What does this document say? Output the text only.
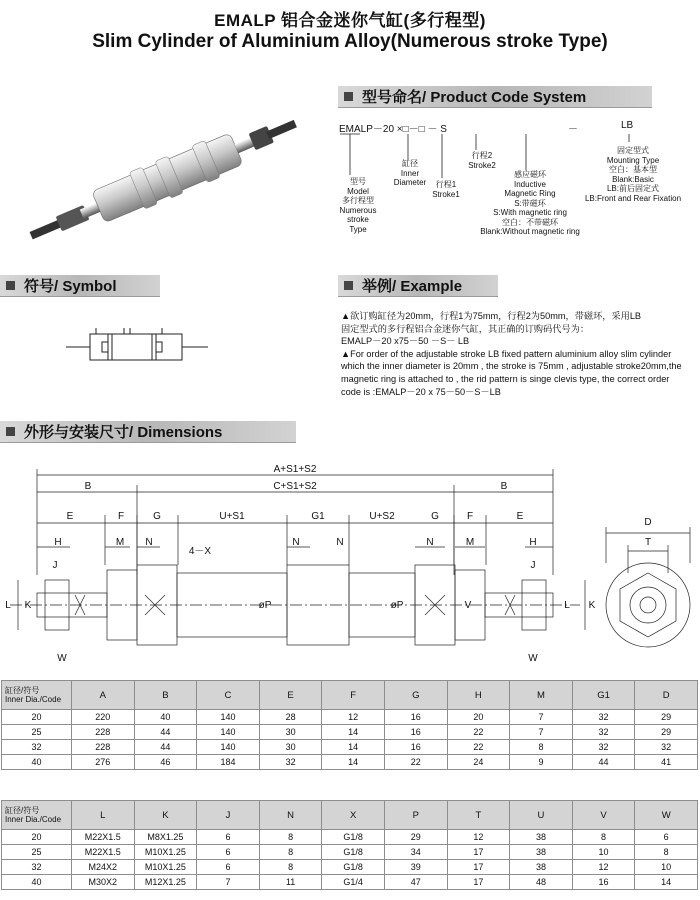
EMALP 铝合金迷你气缸(多行程型)
Slim Cylinder of Aluminium Alloy(Numerous stroke Type)
型号命名/ Product Code System
EMALP－20 ×□－□ － S	－	LB
型号
Model
多行程型
Numerous
stroke Type
缸径
Inner
Diameter	行程1
Stroke1
行程2
Stroke2
感应磁环
Inductive
Magnetic Ring
S:带磁环
S:With magnetic ring
空白：不带磁环
Blank:Without magnetic ring
固定型式
Mounting Type
空白：基本型
Blank:Basic
LB:前后固定式
LB:Front and Rear Fixation
符号/ Symbol	举例/ Example
▲欲订购缸径为20mm，行程1为75mm，行程2为50mm，带磁环，采用LB
固定型式的多行程铝合金迷你气缸，其正确的订购码代号为：
EMALP－20 x75－50 －S－ LB
▲For order of the adjustable stroke LB fixed pattern aluminium alloy slim cylinder
which the inner diameter is 20mm , the stroke is 75mm , adjustable stroke20mm,the
magnetic ring is attached to , the rid pattern is singe clevis type, the correct order
code is :EMALP－20 x 75－50－S－LB
外形与安装尺寸/ Dimensions
A+S1+S2
C+S1+S2
B	B
E	F	G	U+S1	G1	U+S2	G	F	E
H	M N	N	N	N	M	H
4－X
J	J
L	K
K	L
V
W	W
øP	øP
D
T
缸径/符号
Inner Dia./Code	A	B	C	E	F	G	H	M	G1	D
20	220	40	140	28	12	16	20	7	32	29
25	228	44	140	30	14	16	22	7	32	29
32	228	44	140	30	14	16	22	8	32	32
40	276	46	184	32	14	22	24	9	44	41
缸径/符号
Inner Dia./Code	L	K	J	N	X	P	T	U	V	W
20	M22X1.5	M8X1.25	6	8	G1/8	29	12	38	8	6
25	M22X1.5	M10X1.25	6	8	G1/8	34	17	38	10	8
32	M24X2	M10X1.25	6	8	G1/8	39	17	38	12	10
40	M30X2	M12X1.25	7	11	G1/4	47	17	48	16	14
